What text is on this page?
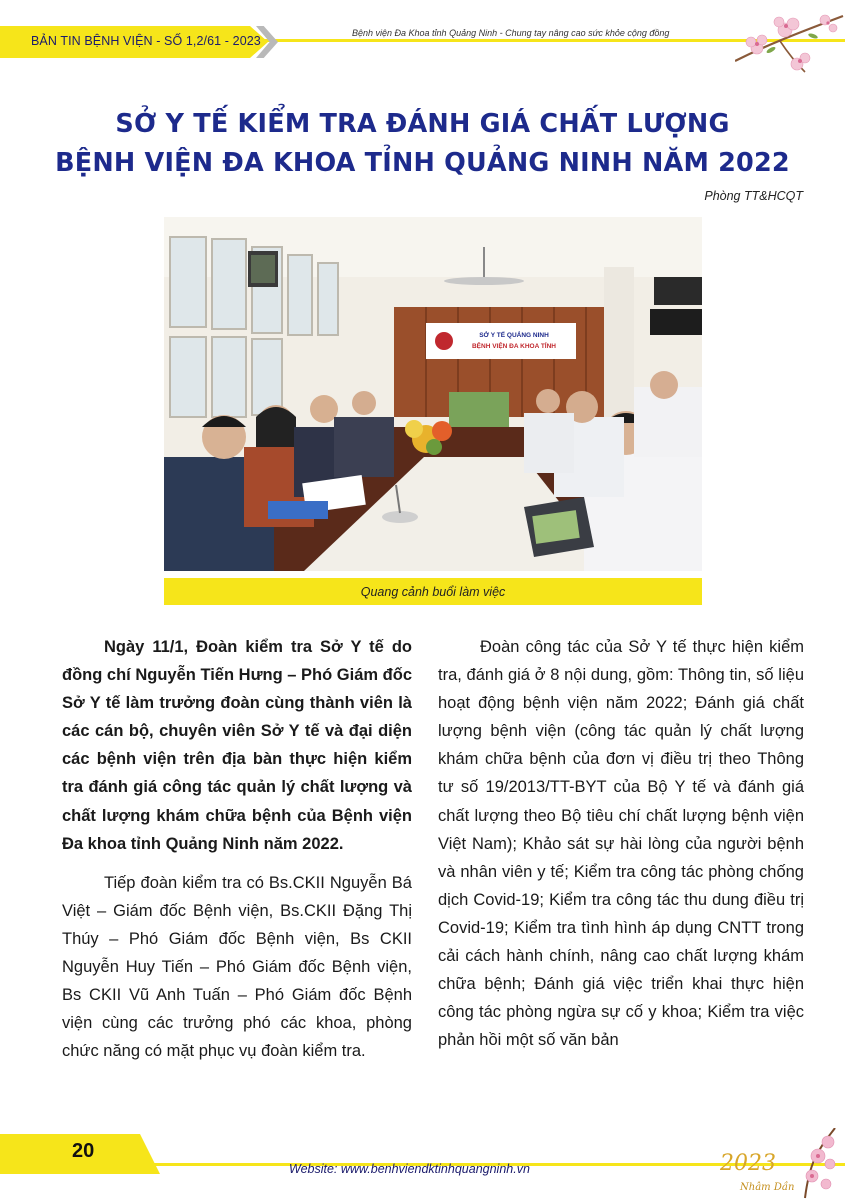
BẢN TIN BỆNH VIỆN - SỐ 1,2/61 - 2023
Bệnh viện Đa Khoa tỉnh Quảng Ninh - Chung tay nâng cao sức khỏe cộng đồng
SỞ Y TẾ KIỂM TRA ĐÁNH GIÁ CHẤT LƯỢNG
BỆNH VIỆN ĐA KHOA TỈNH QUẢNG NINH NĂM 2022
Phòng TT&HCQT
SỞ Y TẾ QUẢNG NINH
BỆNH VIỆN ĐA KHOA TỈNH
Quang cảnh buổi làm việc

Ngày 11/1, Đoàn kiểm tra Sở Y tế do đồng chí Nguyễn Tiến Hưng – Phó Giám đốc Sở Y tế làm trưởng đoàn cùng thành viên là các cán bộ, chuyên viên Sở Y tế và đại diện các bệnh viện trên địa bàn thực hiện kiểm tra đánh giá công tác quản lý chất lượng và chất lượng khám chữa bệnh của Bệnh viện Đa khoa tỉnh Quảng Ninh năm 2022.

Tiếp đoàn kiểm tra có Bs.CKII Nguyễn Bá Việt – Giám đốc Bệnh viện, Bs.CKII Đặng Thị Thúy – Phó Giám đốc Bệnh viện, Bs CKII Nguyễn Huy Tiến – Phó Giám đốc Bệnh viện, Bs CKII Vũ Anh Tuấn – Phó Giám đốc Bệnh viện cùng các trưởng phó các khoa, phòng chức năng có mặt phục vụ đoàn kiểm tra.

Đoàn công tác của Sở Y tế thực hiện kiểm tra, đánh giá ở 8 nội dung, gồm: Thông tin, số liệu hoạt động bệnh viện năm 2022; Đánh giá chất lượng bệnh viện (công tác quản lý chất lượng khám chữa bệnh của đơn vị điều trị theo Thông tư số 19/2013/TT-BYT của Bộ Y tế và đánh giá chất lượng theo Bộ tiêu chí chất lượng bệnh viện Việt Nam); Khảo sát sự hài lòng của người bệnh và nhân viên y tế; Kiểm tra công tác phòng chống dịch Covid-19; Kiểm tra công tác thu dung điều trị Covid-19; Kiểm tra tình hình áp dụng CNTT trong cải cách hành chính, nâng cao chất lượng khám chữa bệnh; Đánh giá việc triển khai thực hiện công tác phòng ngừa sự cố y khoa; Kiểm tra việc phản hồi một số văn bản

20
Website: www.benhviendktinhquangninh.vn	2023
Nhâm Dần
